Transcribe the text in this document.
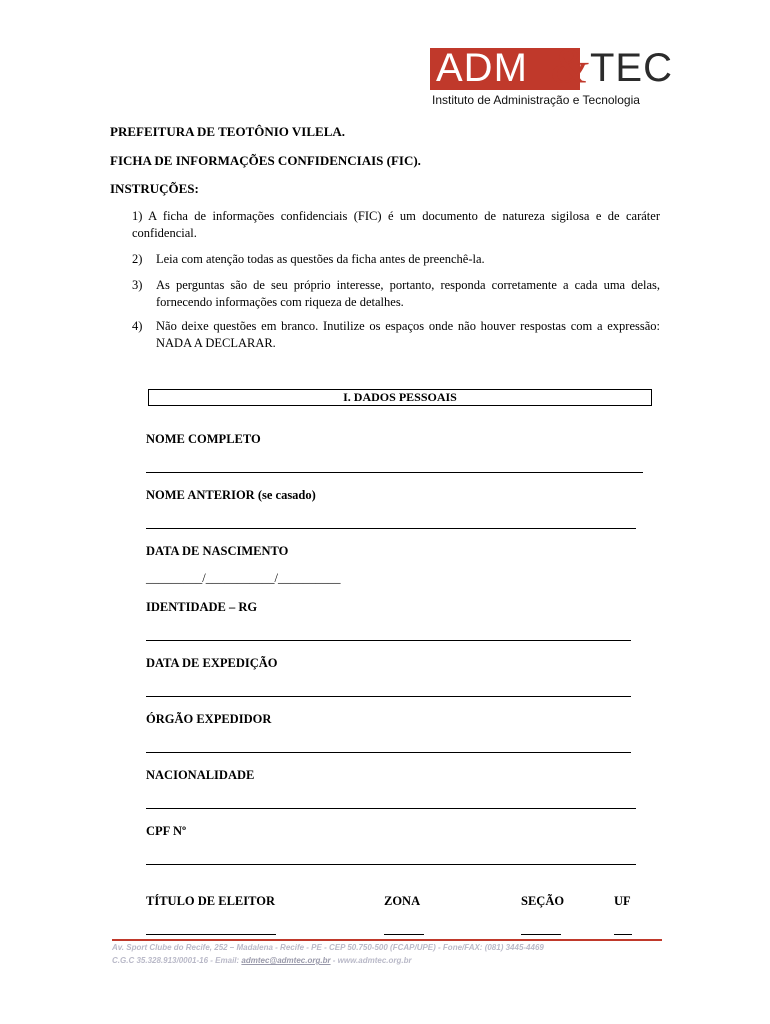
ADM & TEC
Instituto de Administração e Tecnologia
PREFEITURA DE TEOTÔNIO VILELA.
FICHA DE INFORMAÇÕES CONFIDENCIAIS (FIC).
INSTRUÇÕES:
1) A ficha de informações confidenciais (FIC) é um documento de natureza sigilosa e de caráter confidencial.
2) Leia com atenção todas as questões da ficha antes de preenchê-la.
3) As perguntas são de seu próprio interesse, portanto, responda corretamente a cada uma delas, fornecendo informações com riqueza de detalhes.
4) Não deixe questões em branco. Inutilize os espaços onde não houver respostas com a expressão: NADA A DECLARAR.
I. DADOS PESSOAIS
NOME COMPLETO
NOME ANTERIOR (se casado)
DATA DE NASCIMENTO
_________/___________/__________
IDENTIDADE – RG
DATA DE EXPEDIÇÃO
ÓRGÃO EXPEDIDOR
NACIONALIDADE
CPF Nº
TÍTULO DE ELEITOR	ZONA	SEÇÃO	UF
Av. Sport Clube do Recife, 252 – Madalena - Recife - PE - CEP 50.750-500 (FCAP/UPE) - Fone/FAX: (081) 3445-4469
C.G.C 35.328.913/0001-16 - Email: admtec@admtec.org.br - www.admtec.org.br
